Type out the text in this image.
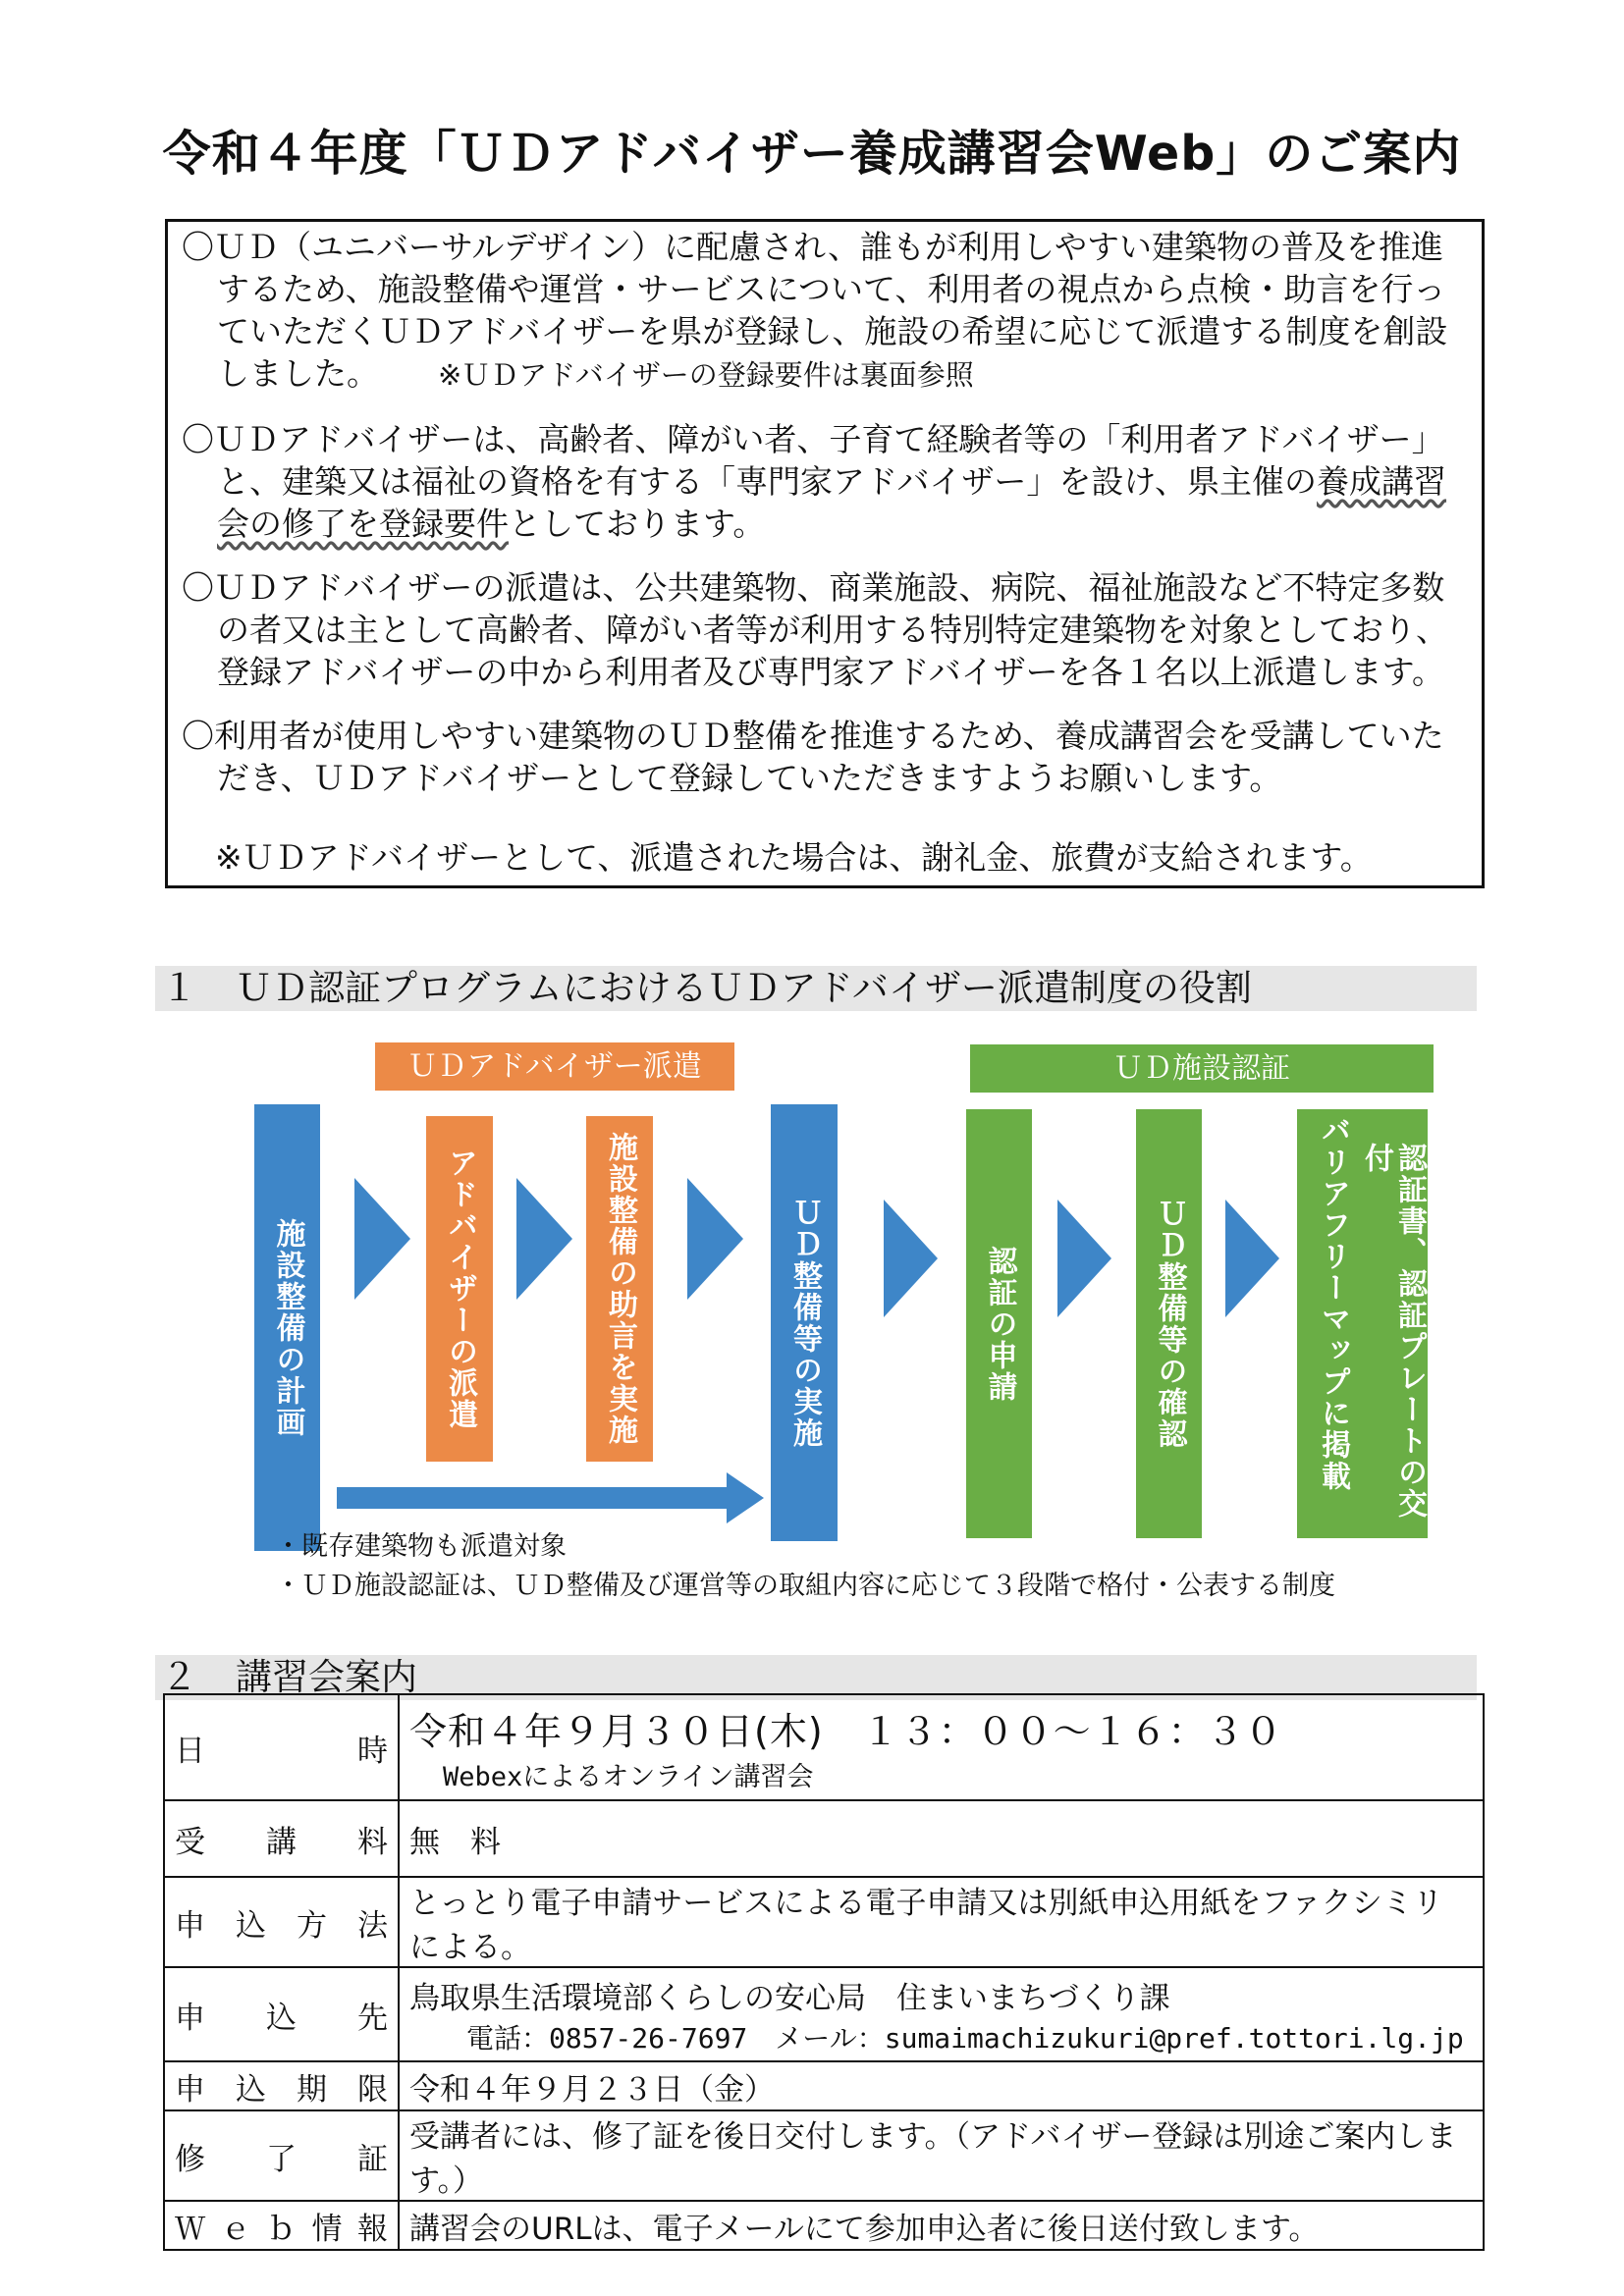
令和４年度「ＵＤアドバイザー養成講習会Web」のご案内

〇ＵＤ（ユニバーサルデザイン）に配慮され、誰もが利用しやすい建築物の普及を推進するため、施設整備や運営・サービスについて、利用者の視点から点検・助言を行っていただくＵＤアドバイザーを県が登録し、施設の希望に応じて派遣する制度を創設しました。 ※ＵＤアドバイザーの登録要件は裏面参照

〇ＵＤアドバイザーは、高齢者、障がい者、子育て経験者等の「利用者アドバイザー」と、建築又は福祉の資格を有する「専門家アドバイザー」を設け、県主催の養成講習会の修了を登録要件としております。

〇ＵＤアドバイザーの派遣は、公共建築物、商業施設、病院、福祉施設など不特定多数の者又は主として高齢者、障がい者等が利用する特別特定建築物を対象としており、登録アドバイザーの中から利用者及び専門家アドバイザーを各１名以上派遣します。

〇利用者が使用しやすい建築物のＵＤ整備を推進するため、養成講習会を受講していただき、ＵＤアドバイザーとして登録していただきますようお願いします。

※ＵＤアドバイザーとして、派遣された場合は、謝礼金、旅費が支給されます。
１ ＵＤ認証プログラムにおけるＵＤアドバイザー派遣制度の役割
ＵＤアドバイザー派遣	ＵＤ施設認証
施設整備の計画	アドバイザーの派遣	施設整備の助言を実施	ＵＤ整備等の実施	認証の申請	ＵＤ整備等の確認	認証書、認証プレートの交付
バリアフリーマップに掲載
・既存建築物も派遣対象
・ＵＤ施設認証は、ＵＤ整備及び運営等の取組内容に応じて３段階で格付・公表する制度
２ 講習会案内
日　　時	令和４年９月３０日(木)　１３：００～１６：３０
Webexによるオンライン講習会

受　講　料	無　料
申 込 方 法	とっとり電子申請サービスによる電子申請又は別紙申込用紙をファクシミリによる。
申　込　先	鳥取県生活環境部くらしの安心局　住まいまちづくり課
電話：0857-26-7697　メール：sumaimachizukuri@pref.tottori.lg.jp

申 込 期 限	令和４年９月２３日（金）
修　了　証	受講者には、修了証を後日交付します。（アドバイザー登録は別途ご案内します。）
Ｗｅｂ情報	講習会のURLは、電子メールにて参加申込者に後日送付致します。
